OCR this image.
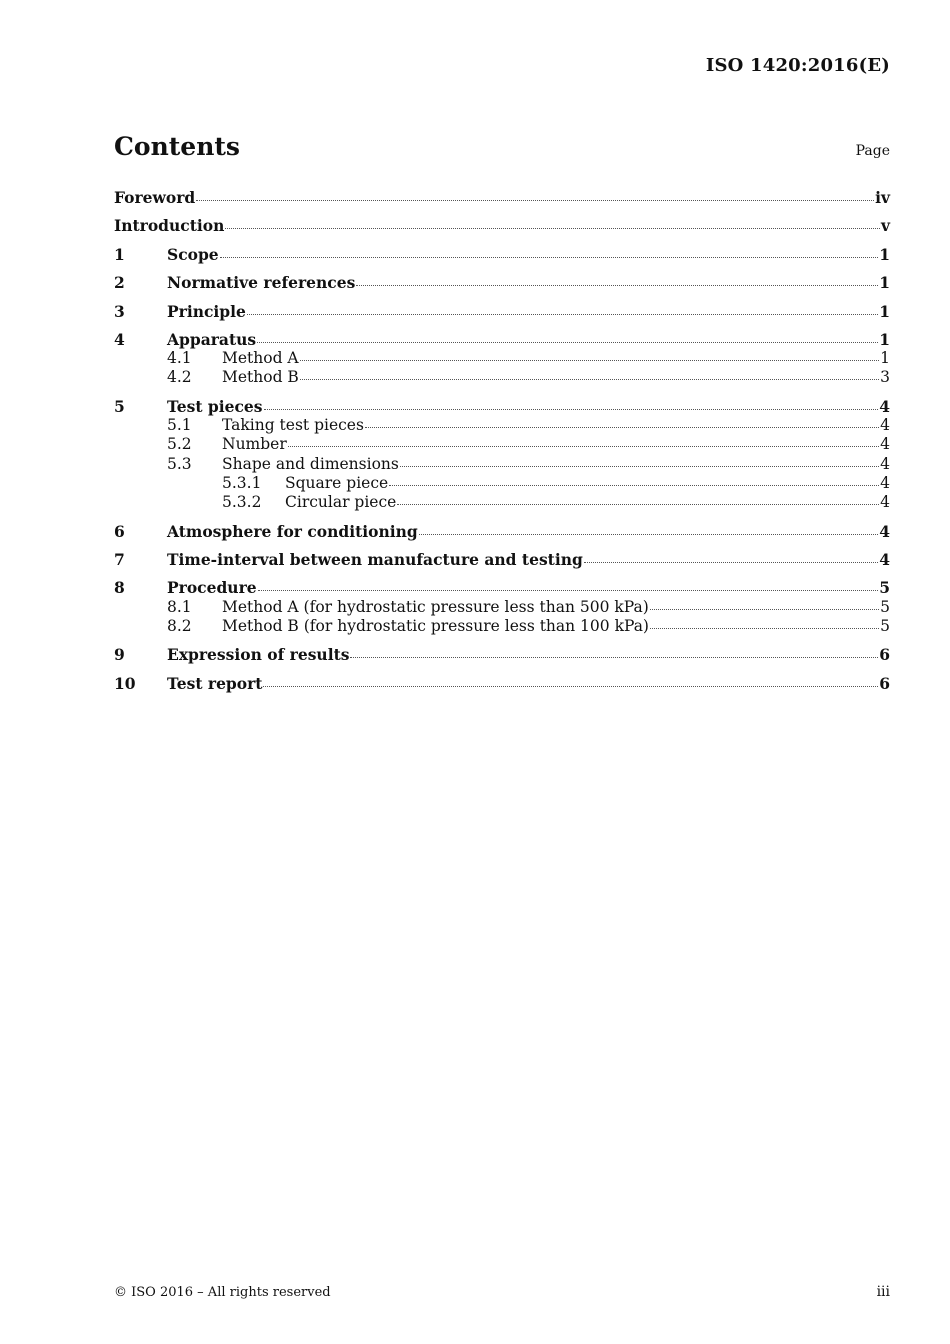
ISO 1420:2016(E)
Contents	Page
Foreword	iv
Introduction	v
1	Scope	1
2	Normative references	1
3	Principle	1
4	Apparatus	1
4.1	Method A	1
4.2	Method B	3
5	Test pieces	4
5.1	Taking test pieces	4
5.2	Number	4
5.3	Shape and dimensions	4
5.3.1	Square piece	4
5.3.2	Circular piece	4
6	Atmosphere for conditioning	4
7	Time-interval between manufacture and testing	4
8	Procedure	5
8.1	Method A (for hydrostatic pressure less than 500 kPa)	5
8.2	Method B (for hydrostatic pressure less than 100 kPa)	5
9	Expression of results	6
10	Test report	6
© ISO 2016 – All rights reserved	iii
